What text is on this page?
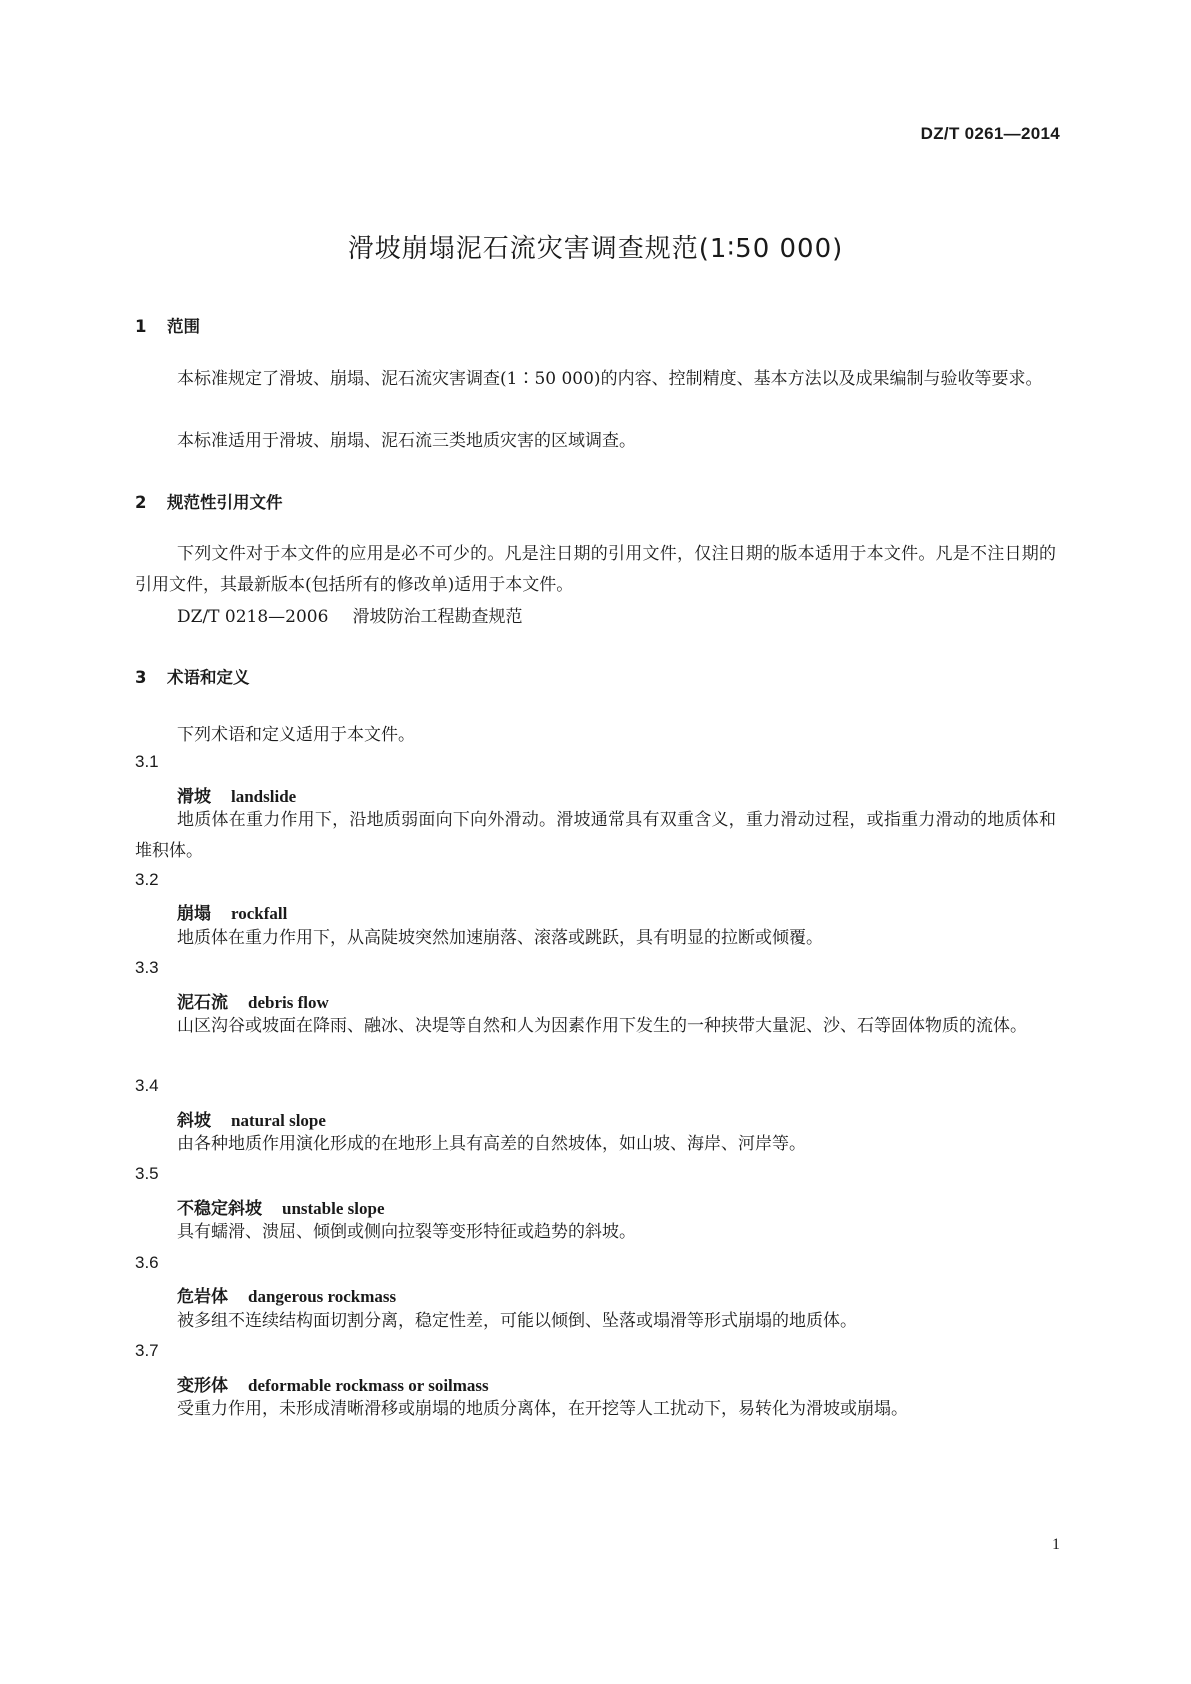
DZ/T 0261—2014
滑坡崩塌泥石流灾害调查规范(1∶50 000)
1 范围

本标准规定了滑坡、崩塌、泥石流灾害调查(1∶50 000)的内容、控制精度、基本方法以及成果编制与验收等要求。

本标准适用于滑坡、崩塌、泥石流三类地质灾害的区域调查。

2 规范性引用文件

下列文件对于本文件的应用是必不可少的。凡是注日期的引用文件，仅注日期的版本适用于本文件。凡是不注日期的引用文件，其最新版本(包括所有的修改单)适用于本文件。

DZ/T 0218—2006 滑坡防治工程勘查规范
3 术语和定义
下列术语和定义适用于本文件。
3.1
滑坡 landslide

地质体在重力作用下，沿地质弱面向下向外滑动。滑坡通常具有双重含义，重力滑动过程，或指重力滑动的地质体和堆积体。

3.2
崩塌 rockfall

地质体在重力作用下，从高陡坡突然加速崩落、滚落或跳跃，具有明显的拉断或倾覆。

3.3
泥石流 debris flow

山区沟谷或坡面在降雨、融冰、决堤等自然和人为因素作用下发生的一种挟带大量泥、沙、石等固体物质的流体。

3.4
斜坡 natural slope

由各种地质作用演化形成的在地形上具有高差的自然坡体，如山坡、海岸、河岸等。

3.5
不稳定斜坡 unstable slope

具有蠕滑、溃屈、倾倒或侧向拉裂等变形特征或趋势的斜坡。

3.6
危岩体 dangerous rockmass

被多组不连续结构面切割分离，稳定性差，可能以倾倒、坠落或塌滑等形式崩塌的地质体。

3.7
变形体 deformable rockmass or soilmass

受重力作用，未形成清晰滑移或崩塌的地质分离体，在开挖等人工扰动下，易转化为滑坡或崩塌。

1
